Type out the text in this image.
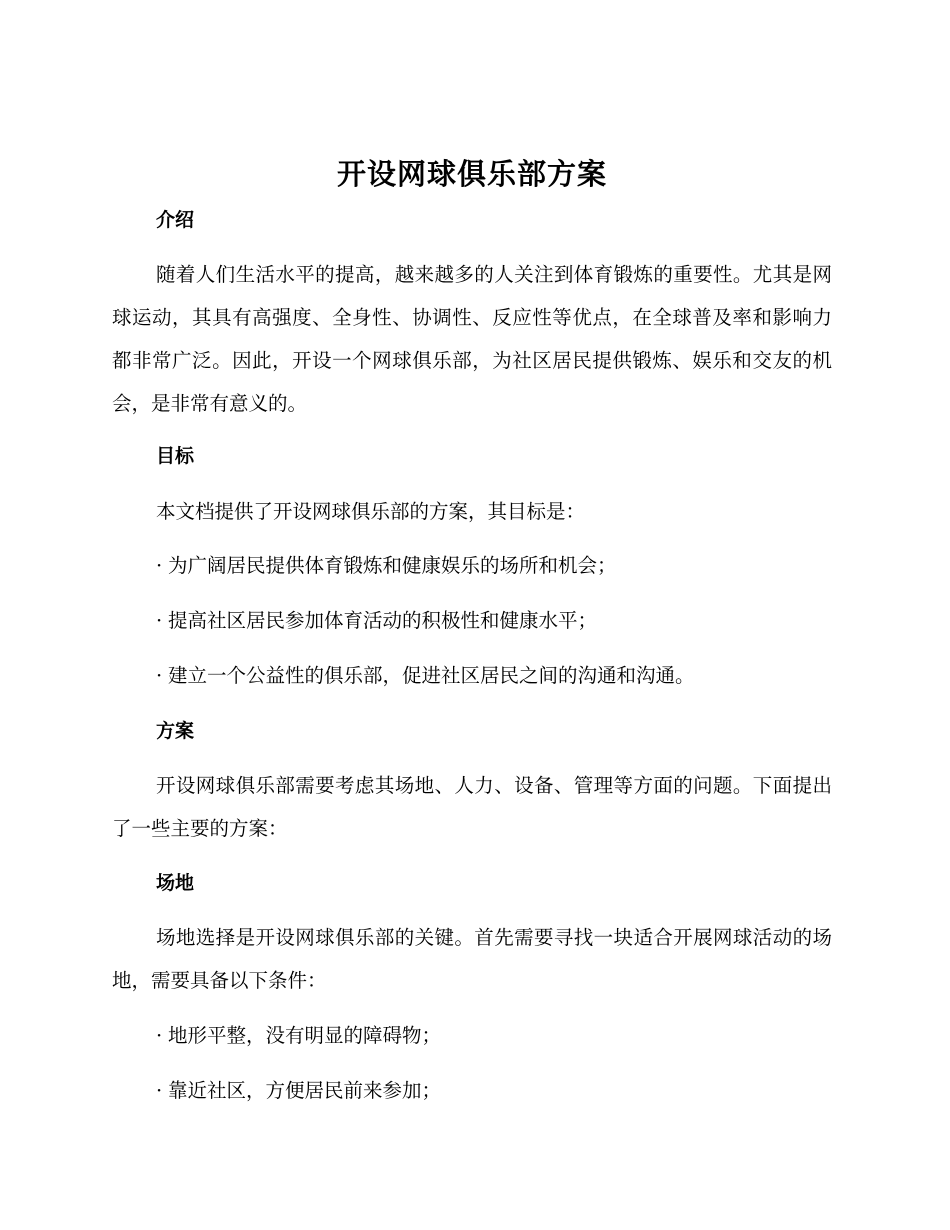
开设网球俱乐部方案
介绍

随着人们生活水平的提高，越来越多的人关注到体育锻炼的重要性。尤其是网球运动，其具有高强度、全身性、协调性、反应性等优点，在全球普及率和影响力都非常广泛。因此，开设一个网球俱乐部，为社区居民提供锻炼、娱乐和交友的机会，是非常有意义的。

目标

本文档提供了开设网球俱乐部的方案，其目标是：

· 为广阔居民提供体育锻炼和健康娱乐的场所和机会；

· 提高社区居民参加体育活动的积极性和健康水平；

· 建立一个公益性的俱乐部，促进社区居民之间的沟通和沟通。

方案

开设网球俱乐部需要考虑其场地、人力、设备、管理等方面的问题。下面提出了一些主要的方案：

场地

场地选择是开设网球俱乐部的关键。首先需要寻找一块适合开展网球活动的场地，需要具备以下条件：

· 地形平整，没有明显的障碍物；

· 靠近社区，方便居民前来参加；
